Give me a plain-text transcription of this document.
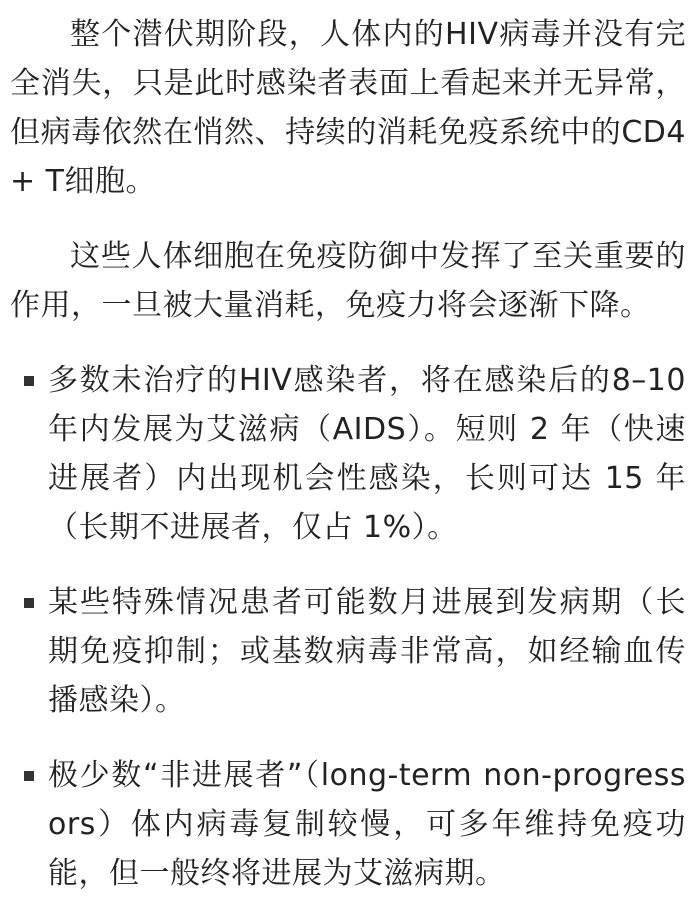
整个潜伏期阶段，人体内的HIV病毒并没有完全消失，只是此时感染者表面上看起来并无异常，但病毒依然在悄然、持续的消耗免疫系统中的CD4+ T细胞。

这些人体细胞在免疫防御中发挥了至关重要的作用，一旦被大量消耗，免疫力将会逐渐下降。

多数未治疗的HIV感染者，将在感染后的8–10年内发展为艾滋病（AIDS）。短则 2 年（快速进展者）内出现机会性感染，长则可达 15 年（长期不进展者，仅占 1%）。
某些特殊情况患者可能数月进展到发病期（长期免疫抑制；或基数病毒非常高，如经输血传播感染）。
极少数“非进展者”（long-term non-progressors）体内病毒复制较慢，可多年维持免疫功能，但一般终将进展为艾滋病期。
